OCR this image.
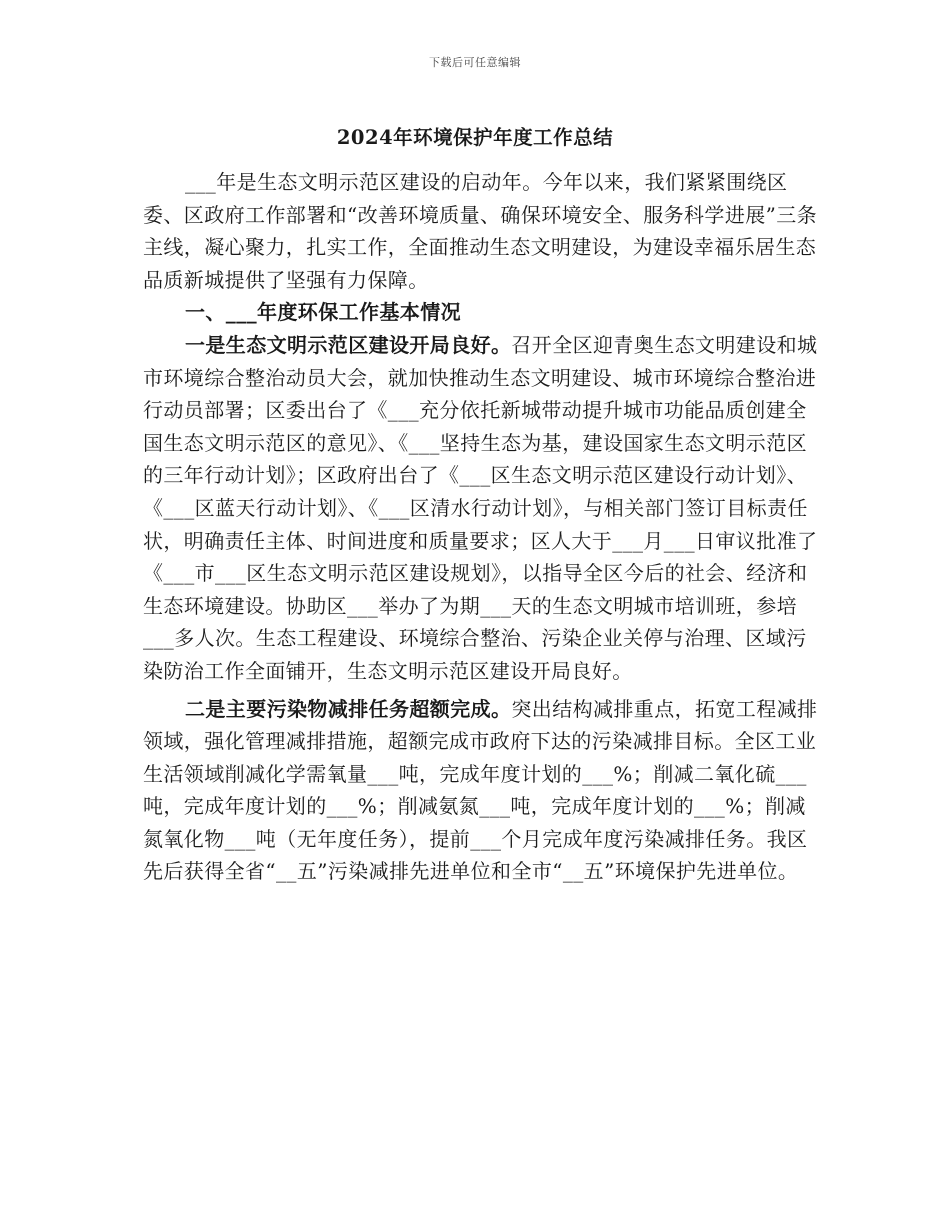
下载后可任意编辑
2024年环境保护年度工作总结

___年是生态文明示范区建设的启动年。今年以来，我们紧紧围绕区委、区政府工作部署和“改善环境质量、确保环境安全、服务科学进展”三条主线，凝心聚力，扎实工作，全面推动生态文明建设，为建设幸福乐居生态品质新城提供了坚强有力保障。

一、___年度环保工作基本情况

一是生态文明示范区建设开局良好。召开全区迎青奥生态文明建设和城市环境综合整治动员大会，就加快推动生态文明建设、城市环境综合整治进行动员部署；区委出台了《___充分依托新城带动提升城市功能品质创建全国生态文明示范区的意见》、《___坚持生态为基，建设国家生态文明示范区的三年行动计划》；区政府出台了《___区生态文明示范区建设行动计划》、《___区蓝天行动计划》、《___区清水行动计划》，与相关部门签订目标责任状，明确责任主体、时间进度和质量要求；区人大于___月___日审议批准了《___市___区生态文明示范区建设规划》，以指导全区今后的社会、经济和生态环境建设。协助区___举办了为期___天的生态文明城市培训班，参培___多人次。生态工程建设、环境综合整治、污染企业关停与治理、区域污染防治工作全面铺开，生态文明示范区建设开局良好。

二是主要污染物减排任务超额完成。突出结构减排重点，拓宽工程减排领域，强化管理减排措施，超额完成市政府下达的污染减排目标。全区工业生活领域削减化学需氧量___吨，完成年度计划的___%；削减二氧化硫___吨，完成年度计划的___%；削减氨氮___吨，完成年度计划的___%；削减氮氧化物___吨（无年度任务），提前___个月完成年度污染减排任务。我区先后获得全省“__五”污染减排先进单位和全市“__五”环境保护先进单位。
